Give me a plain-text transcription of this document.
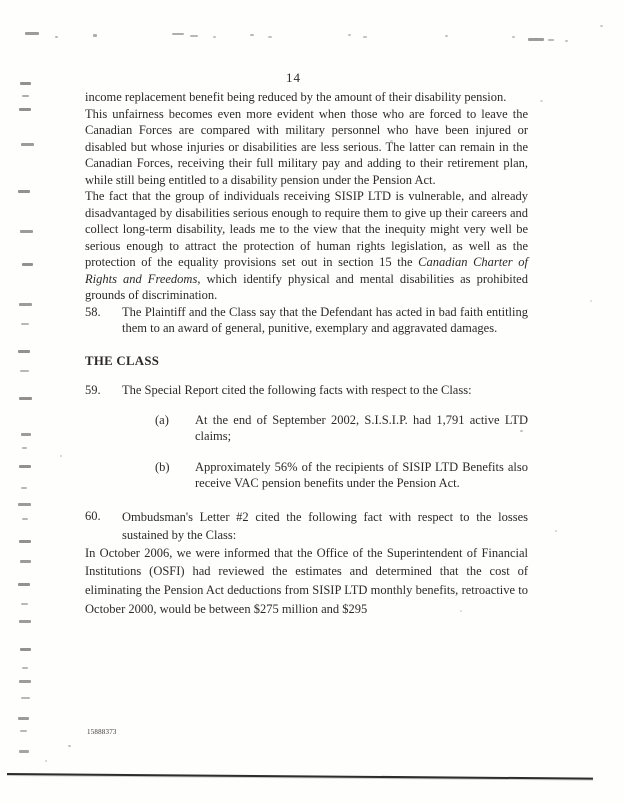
14

income replacement benefit being reduced by the amount of their disability pension.

This unfairness becomes even more evident when those who are forced to leave the Canadian Forces are compared with military personnel who have been injured or disabled but whose injuries or disabilities are less serious. The latter can remain in the Canadian Forces, receiving their full military pay and adding to their retirement plan, while still being entitled to a disability pension under the Pension Act.

The fact that the group of individuals receiving SISIP LTD is vulnerable, and already disadvantaged by disabilities serious enough to require them to give up their careers and collect long-term disability, leads me to the view that the inequity might very well be serious enough to attract the protection of human rights legislation, as well as the protection of the equality provisions set out in section 15 the Canadian Charter of Rights and Freedoms, which identify physical and mental disabilities as prohibited grounds of discrimination.

58.	The Plaintiff and the Class say that the Defendant has acted in bad faith entitling them to an award of general, punitive, exemplary and aggravated damages.
THE CLASS
59.	The Special Report cited the following facts with respect to the Class:
(a)	At the end of September 2002, S.I.S.I.P. had 1,791 active LTD claims;
(b)	Approximately 56% of the recipients of SISIP LTD Benefits also receive VAC pension benefits under the Pension Act.
60.	Ombudsman's Letter #2 cited the following fact with respect to the losses sustained by the Class:

In October 2006, we were informed that the Office of the Superintendent of Financial Institutions (OSFI) had reviewed the estimates and determined that the cost of eliminating the Pension Act deductions from SISIP LTD monthly benefits, retroactive to October 2000, would be between $275 million and $295

15888373
